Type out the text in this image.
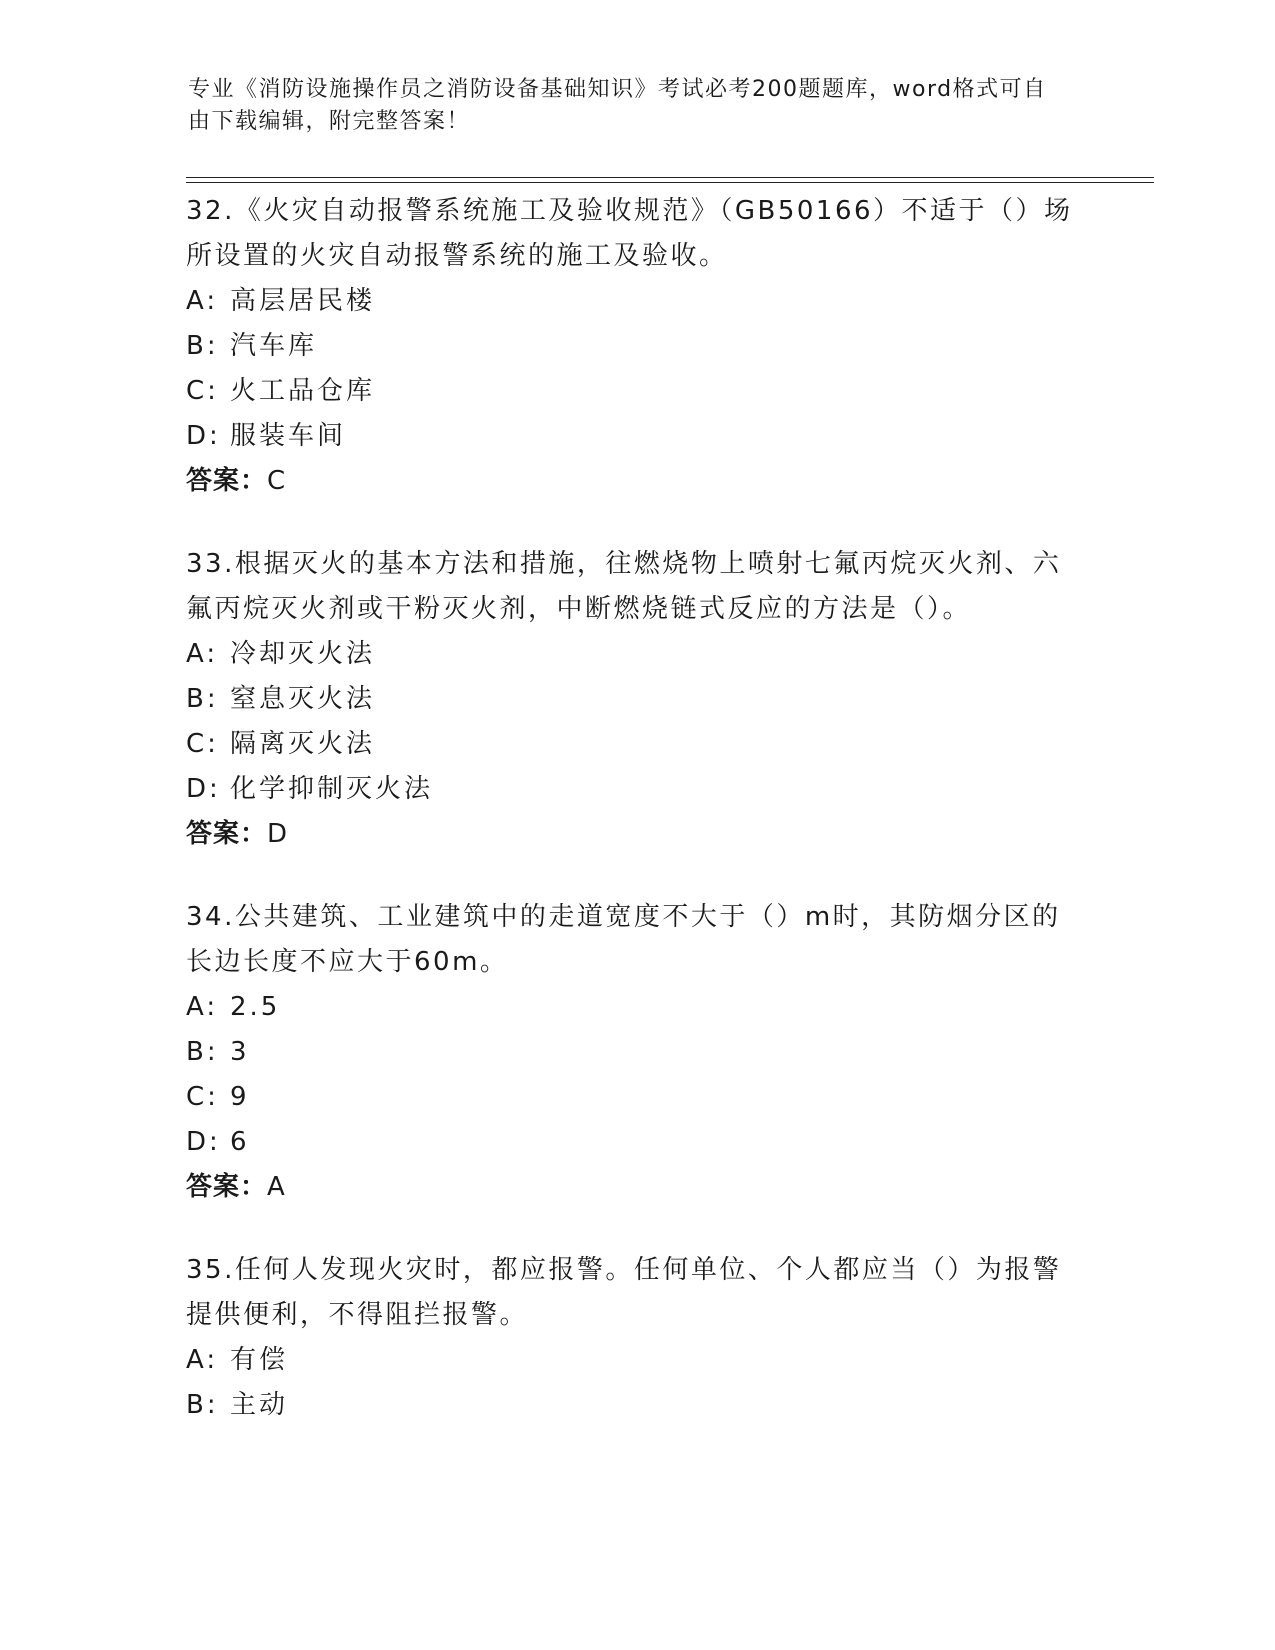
专业《消防设施操作员之消防设备基础知识》考试必考200题题库，word格式可自由下载编辑，附完整答案！

32.《火灾自动报警系统施工及验收规范》（GB50166）不适于（）场所设置的火灾自动报警系统的施工及验收。

A: 高层居民楼

B: 汽车库

C: 火工品仓库

D: 服装车间

答案：C

33.根据灭火的基本方法和措施，往燃烧物上喷射七氟丙烷灭火剂、六氟丙烷灭火剂或干粉灭火剂，中断燃烧链式反应的方法是（）。

A: 冷却灭火法

B: 窒息灭火法

C: 隔离灭火法

D: 化学抑制灭火法

答案：D

34.公共建筑、工业建筑中的走道宽度不大于（）m时，其防烟分区的长边长度不应大于60m。

A: 2.5

B: 3

C: 9

D: 6

答案：A

35.任何人发现火灾时，都应报警。任何单位、个人都应当（）为报警提供便利，不得阻拦报警。

A: 有偿

B: 主动
